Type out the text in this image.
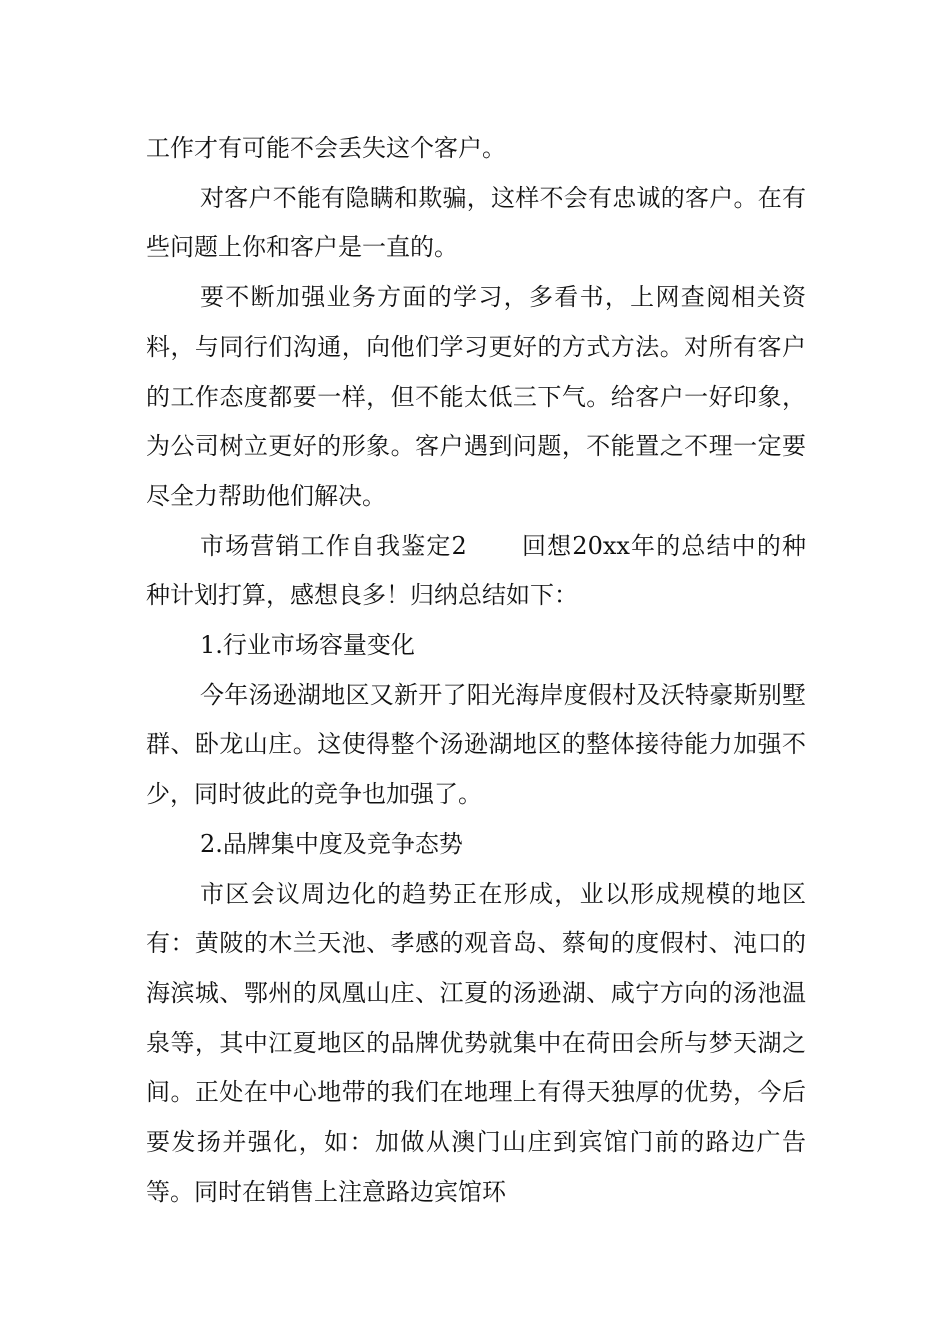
工作才有可能不会丢失这个客户。

对客户不能有隐瞒和欺骗，这样不会有忠诚的客户。在有些问题上你和客户是一直的。

要不断加强业务方面的学习，多看书，上网查阅相关资料，与同行们沟通，向他们学习更好的方式方法。对所有客户的工作态度都要一样，但不能太低三下气。给客户一好印象，为公司树立更好的形象。客户遇到问题，不能置之不理一定要尽全力帮助他们解决。

市场营销工作自我鉴定2 回想20xx年的总结中的种种计划打算，感想良多！归纳总结如下：

1.行业市场容量变化

今年汤逊湖地区又新开了阳光海岸度假村及沃特豪斯别墅群、卧龙山庄。这使得整个汤逊湖地区的整体接待能力加强不少，同时彼此的竞争也加强了。

2.品牌集中度及竞争态势

市区会议周边化的趋势正在形成，业以形成规模的地区有：黄陂的木兰天池、孝感的观音岛、蔡甸的度假村、沌口的海滨城、鄂州的凤凰山庄、江夏的汤逊湖、咸宁方向的汤池温泉等，其中江夏地区的品牌优势就集中在荷田会所与梦天湖之间。正处在中心地带的我们在地理上有得天独厚的优势，今后要发扬并强化，如：加做从澳门山庄到宾馆门前的路边广告等。同时在销售上注意路边宾馆环
